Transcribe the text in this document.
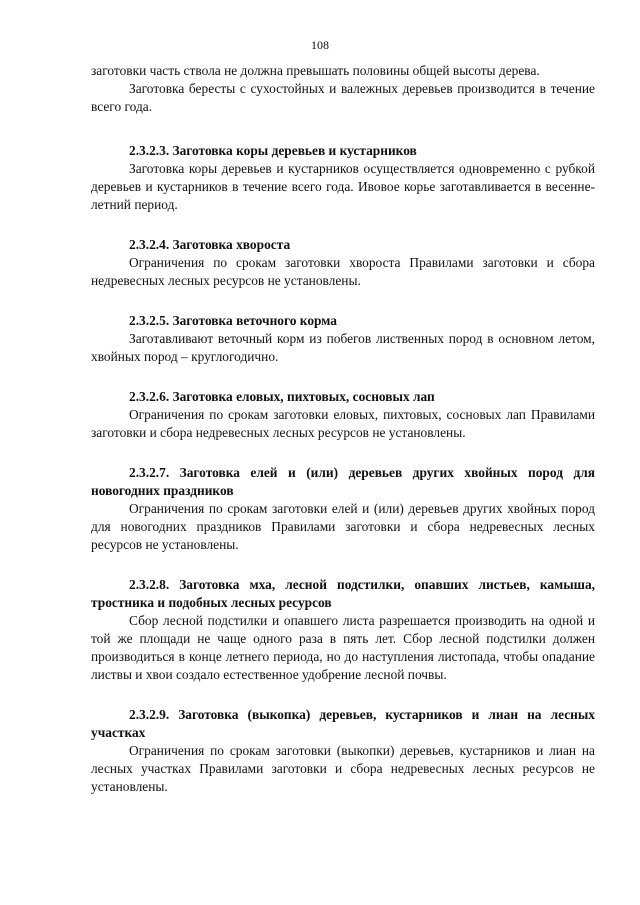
108

заготовки часть ствола не должна превышать половины общей высоты дерева.

Заготовка бересты с сухостойных и валежных деревьев производится в течение всего года.

2.3.2.3. Заготовка коры деревьев и кустарников

Заготовка коры деревьев и кустарников осуществляется одновременно с рубкой деревьев и кустарников в течение всего года. Ивовое корье заготавливается в весенне-летний период.

2.3.2.4. Заготовка хвороста

Ограничения по срокам заготовки хвороста Правилами заготовки и сбора недревесных лесных ресурсов не установлены.

2.3.2.5. Заготовка веточного корма

Заготавливают веточный корм из побегов лиственных пород в основном летом, хвойных пород – круглогодично.

2.3.2.6. Заготовка еловых, пихтовых, сосновых лап

Ограничения по срокам заготовки еловых, пихтовых, сосновых лап Правилами заготовки и сбора недревесных лесных ресурсов не установлены.

2.3.2.7. Заготовка елей и (или) деревьев других хвойных пород для новогодних праздников

Ограничения по срокам заготовки елей и (или) деревьев других хвойных пород для новогодних праздников Правилами заготовки и сбора недревесных лесных ресурсов не установлены.

2.3.2.8. Заготовка мха, лесной подстилки, опавших листьев, камыша, тростника и подобных лесных ресурсов

Сбор лесной подстилки и опавшего листа разрешается производить на одной и той же площади не чаще одного раза в пять лет. Сбор лесной подстилки должен производиться в конце летнего периода, но до наступления листопада, чтобы опадание листвы и хвои создало естественное удобрение лесной почвы.

2.3.2.9. Заготовка (выкопка) деревьев, кустарников и лиан на лесных участках

Ограничения по срокам заготовки (выкопки) деревьев, кустарников и лиан на лесных участках Правилами заготовки и сбора недревесных лесных ресурсов не установлены.
